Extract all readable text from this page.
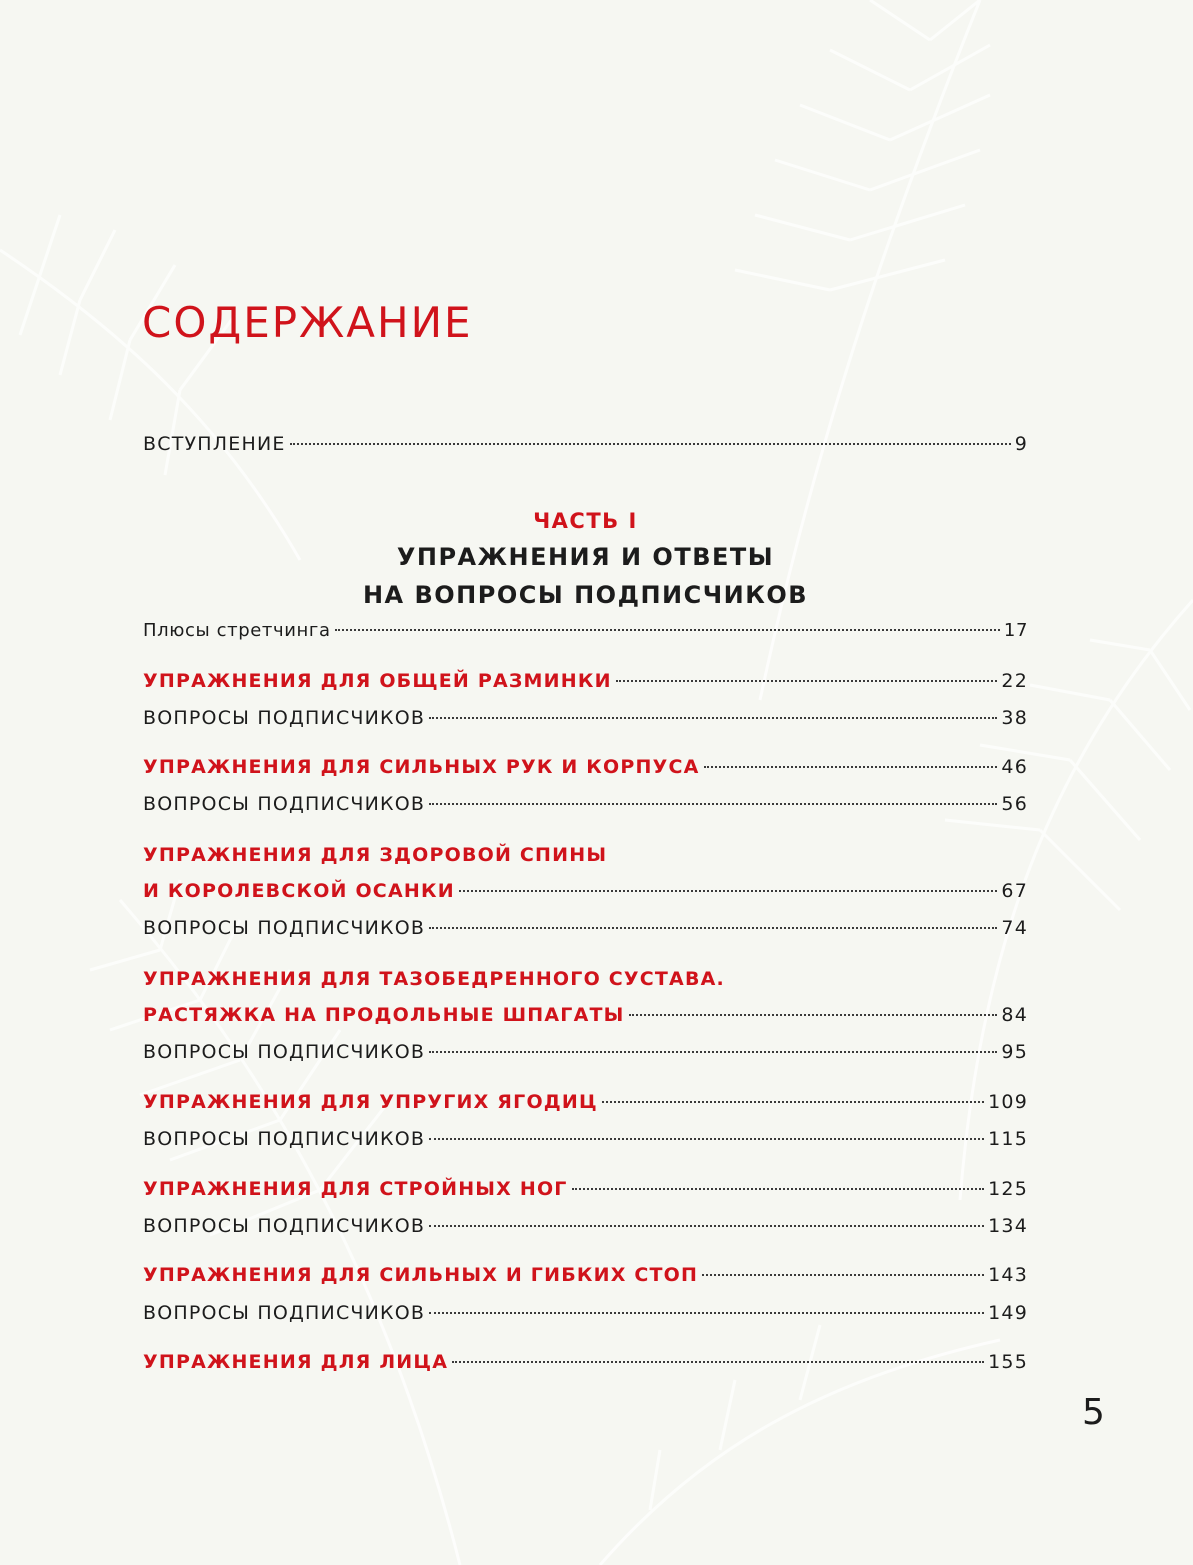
СОДЕРЖАНИЕ
ВСТУПЛЕНИЕ	9
ЧАСТЬ I
УПРАЖНЕНИЯ И ОТВЕТЫ
НА ВОПРОСЫ ПОДПИСЧИКОВ
Плюсы стретчинга	17
УПРАЖНЕНИЯ ДЛЯ ОБЩЕЙ РАЗМИНКИ	22
ВОПРОСЫ ПОДПИСЧИКОВ	38
УПРАЖНЕНИЯ ДЛЯ СИЛЬНЫХ РУК И КОРПУСА	46
ВОПРОСЫ ПОДПИСЧИКОВ	56
УПРАЖНЕНИЯ ДЛЯ ЗДОРОВОЙ СПИНЫ
И КОРОЛЕВСКОЙ ОСАНКИ	67
ВОПРОСЫ ПОДПИСЧИКОВ	74
УПРАЖНЕНИЯ ДЛЯ ТАЗОБЕДРЕННОГО СУСТАВА.
РАСТЯЖКА НА ПРОДОЛЬНЫЕ ШПАГАТЫ	84
ВОПРОСЫ ПОДПИСЧИКОВ	95
УПРАЖНЕНИЯ ДЛЯ УПРУГИХ ЯГОДИЦ	109
ВОПРОСЫ ПОДПИСЧИКОВ	115
УПРАЖНЕНИЯ ДЛЯ СТРОЙНЫХ НОГ	125
ВОПРОСЫ ПОДПИСЧИКОВ	134
УПРАЖНЕНИЯ ДЛЯ СИЛЬНЫХ И ГИБКИХ СТОП	143
ВОПРОСЫ ПОДПИСЧИКОВ	149
УПРАЖНЕНИЯ ДЛЯ ЛИЦА	155
5
